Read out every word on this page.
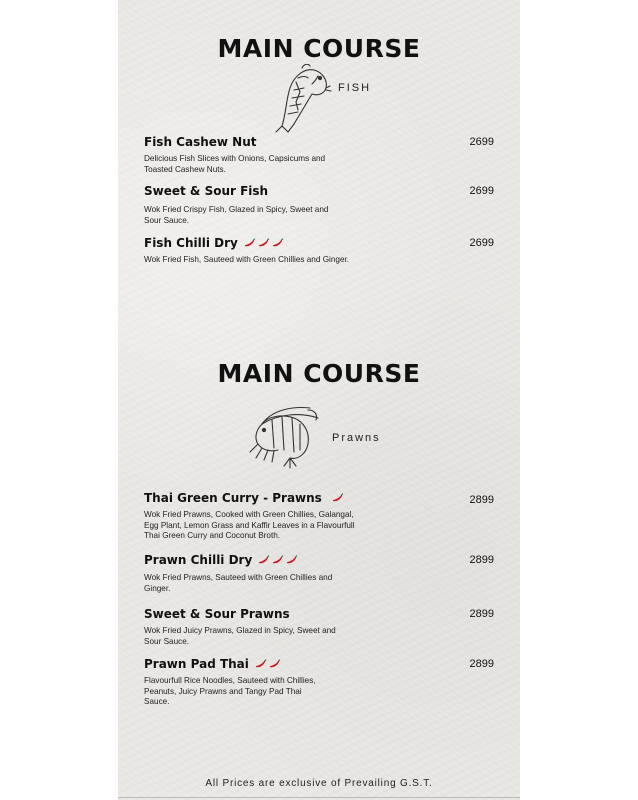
MAIN COURSE
FISH
Fish Cashew Nut
Delicious Fish Slices with Onions, Capsicums and Toasted Cashew Nuts.
2699
Sweet & Sour Fish
Wok Fried Crispy Fish, Glazed in Spicy, Sweet and Sour Sauce.
2699
Fish Chilli Dry
Wok Fried Fish, Sauteed with Green Chillies and Ginger.
2699
MAIN COURSE
Prawns
Thai Green Curry - Prawns
Wok Fried Prawns, Cooked with Green Chillies, Galangal, Egg Plant, Lemon Grass and Kaffir Leaves in a Flavourfull Thai Green Curry and Coconut Broth.
2899
Prawn Chilli Dry
Wok Fried Prawns, Sauteed with Green Chillies and Ginger.
2899
Sweet & Sour Prawns
Wok Fried Juicy Prawns, Glazed in Spicy, Sweet and Sour Sauce.
2899
Prawn Pad Thai
Flavourfull Rice Noodles, Sauteed with Chillies, Peanuts, Juicy Prawns and Tangy Pad Thai Sauce.
2899
All Prices are exclusive of Prevailing G.S.T.
